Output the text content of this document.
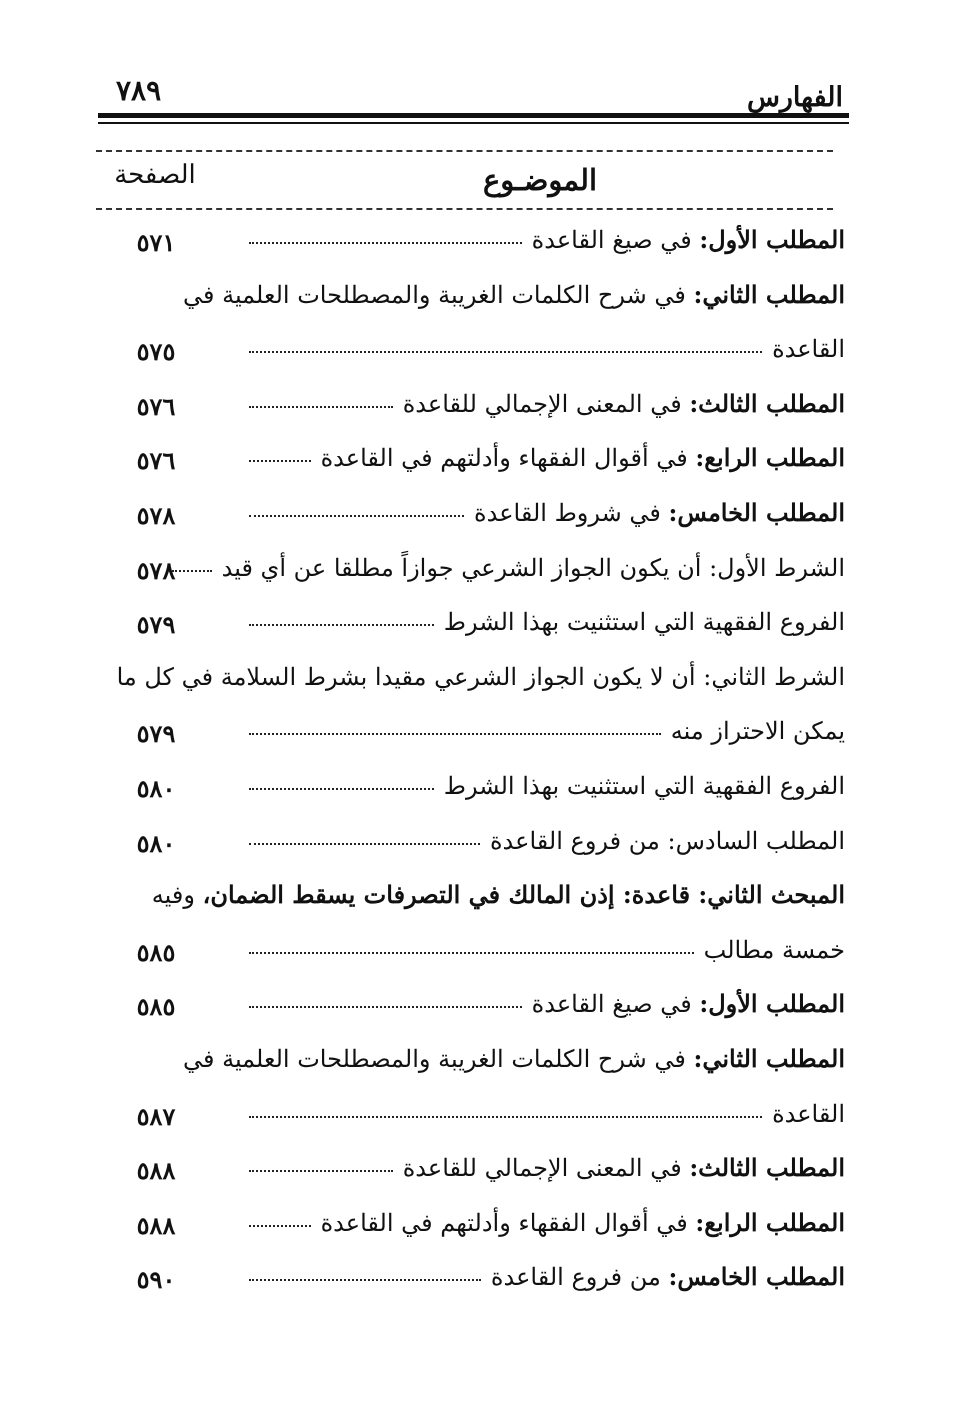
الفهارس
٧٨٩
الموضـوع
الصفحة
٥٧١	المطلب الأول: في صيغ القاعدة
المطلب الثاني: في شرح الكلمات الغريبة والمصطلحات العلمية في
٥٧٥	القاعدة
٥٧٦	المطلب الثالث: في المعنى الإجمالي للقاعدة
٥٧٦	المطلب الرابع: في أقوال الفقهاء وأدلتهم في القاعدة
٥٧٨	المطلب الخامس: في شروط القاعدة
٥٧٨	الشرط الأول: أن يكون الجواز الشرعي جوازاً مطلقا عن أي قيد
٥٧٩	الفروع الفقهية التي استثنيت بهذا الشرط
الشرط الثاني: أن لا يكون الجواز الشرعي مقيدا بشرط السلامة في كل ما
٥٧٩	يمكن الاحتراز منه
٥٨٠	الفروع الفقهية التي استثنيت بهذا الشرط
٥٨٠	المطلب السادس: من فروع القاعدة
المبحث الثاني: قاعدة: إذن المالك في التصرفات يسقط الضمان، وفيه
٥٨٥	خمسة مطالب
٥٨٥	المطلب الأول: في صيغ القاعدة
المطلب الثاني: في شرح الكلمات الغريبة والمصطلحات العلمية في
٥٨٧	القاعدة
٥٨٨	المطلب الثالث: في المعنى الإجمالي للقاعدة
٥٨٨	المطلب الرابع: في أقوال الفقهاء وأدلتهم في القاعدة
٥٩٠	المطلب الخامس: من فروع القاعدة
